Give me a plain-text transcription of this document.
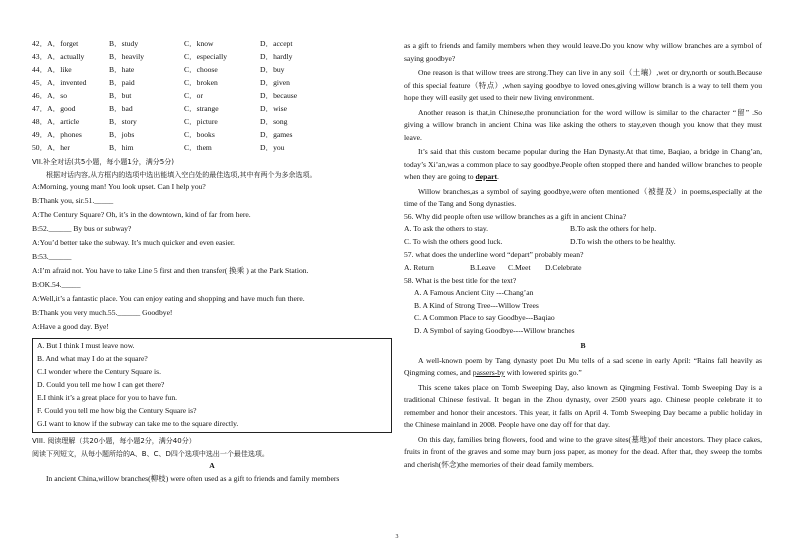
42．A．forget	B．study	C．know	D．accept
43．A．actually	B．heavily	C．especially	D．hardly
44．A．like	B．hate	C．choose	D．buy
45．A．invented	B．paid	C．broken	D．given
46．A．so	B．but	C．or	D．because
47．A．good	B．bad	C．strange	D．wise
48．A．article	B．story	C．picture	D．song
49．A．phones	B．jobs	C．books	D．games
50．A．her	B．him	C．them	D．you
VII.补全对话(共5小题，每小题1分，满分5分)
根据对话内容,从方框内的选项中选出能填入空白处的最佳选项,其中有两个为多余选项。
A:Morning, young man! You look upset. Can I help you?
B:Thank you, sir.51._____
A:The Century Square? Oh, it’s in the downtown, kind of far from here.
B:52.______ By bus or subway?
A:You’d better take the subway. It’s much quicker and even easier.
B:53.______
A:I’m afraid not. You have to take Line 5 first and then transfer( 换乘 ) at the Park Station.
B:OK.54._____
A:Well,it’s a fantastic place. You can enjoy eating and shopping and have much fun there.
B:Thank you very much.55.______ Goodbye!
A:Have a good day. Bye!
A. But I think I must leave now.
B. And what may I do at the square?
C.I wonder where the Century Square is.
D. Could you tell me how I can get there?
E.I think it’s a great place for you to have fun.
F. Could you tell me how big the Century Square is?
G.I want to know if the subway can take me to the square directly.
VIII. 阅读理解（共20小题，每小题2分，满分40分）
阅读下列短文，从每小题所给的A、B、C、D四个选项中选出一个最佳选项。
A
In ancient China,willow branches(柳枝) were often used as a gift to friends and family members
as a gift to friends and family members when they would leave.Do you know why willow branches are a symbol of saying goodbye?
One reason is that willow trees are strong.They can live in any soil（土壤）,wet or dry,north or south.Because of this special feature（特点）,when saying goodbye to loved ones,giving willow branch is a way to tell them you hope they will easily get used to their new living environment.
Another reason is that,in Chinese,the pronunciation for the word willow is similar to the character “留” .So giving a willow branch in ancient China was like asking the others to stay,even though you know that they must leave.
It’s said that this custom became popular during the Han Dynasty.At that time, Baqiao, a bridge in Chang’an, today’s Xi’an,was a common place to say goodbye.People often stopped there and handed willow branches to people when they are going to depart.
Willow branches,as a symbol of saying goodbye,were often mentioned（被提及）in poems,especially at the time of the Tang and Song dynasties.
56. Why did people often use willow branches as a gift in ancient China?
A. To ask the others to stay.	B.To ask the others for help.
C. To wish the others good luck.	D.To wish the others to be healthy.
57. what does the underline word “depart” probably mean?
A. Return	B.Leave C.Meet D.Celebrate
58. What is the best title for the text?
A. A Famous Ancient City ---Chang’an
B. A Kind of Strong Tree---Willow Trees
C. A Common Place to say Goodbye---Baqiao
D. A Symbol of saying Goodbye----Willow branches
B
A well-known poem by Tang dynasty poet Du Mu tells of a sad scene in early April: “Rains fall heavily as Qingming comes, and passers-by with lowered spirits go.”
This scene takes place on Tomb Sweeping Day, also known as Qingming Festival. Tomb Sweeping Day is a traditional Chinese festival. It began in the Zhou dynasty, over 2500 years ago. Chinese people celebrate it to remember and honor their ancestors. This year, it falls on April 4. Tomb Sweeping Day became a public holiday in the Chinese mainland in 2008. People have one day off for that day.
On this day, families bring flowers, food and wine to the grave sites(墓地)of their ancestors. They place cakes, fruits in front of the graves and some may burn joss paper, as money for the dead. After that, they sweep the tombs and cherish(怀念)the memories of their dead family members.
3
